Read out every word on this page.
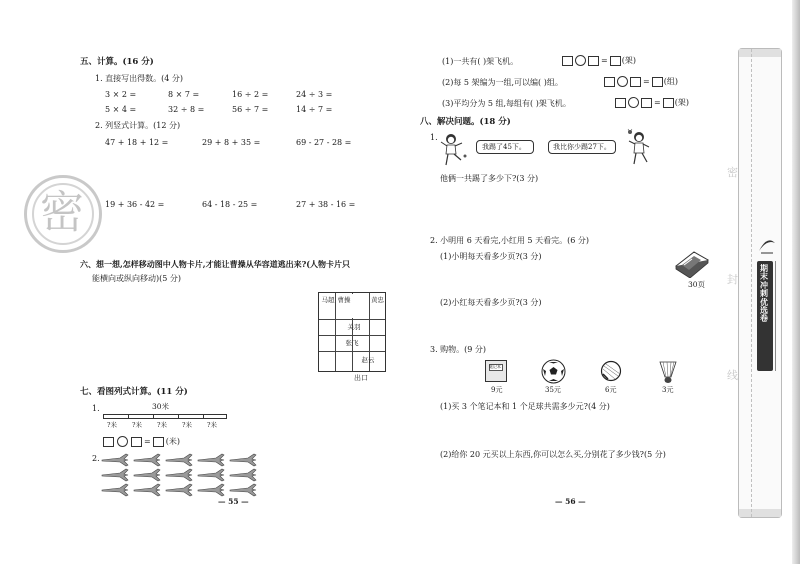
五、计算。(16 分)
1. 直接写出得数。(4 分)
3 × 2 =	8 × 7 =	16 ÷ 2 =	24 ÷ 3 =
5 × 4 =	32 ÷ 8 =	56 ÷ 7 =	14 ÷ 7 =
2. 列竖式计算。(12 分)
47 + 18 + 12 =	29 + 8 + 35 =	69 - 27 - 28 =
19 + 36 - 42 =	64 - 18 - 25 =	27 + 38 - 16 =
密
六、想一想,怎样移动图中人物卡片,才能让曹操从华容道逃出来?(人物卡片只
能横向或纵向移动)(5 分)
马超 曹操	黄忠
关羽
张飞
赵云
出口
七、看图列式计算。(11 分)
1.	30米
?米 ?米 ?米 ?米 ?米
= (米)
2.
— 55 —
(1)一共有( )架飞机。	= (架)
(2)每 5 架编为一组,可以编( )组。	= (组)
(3)平均分为 5 组,每组有( )架飞机。	= (架)
八、解决问题。(18 分)
1.
我踢了45下。	我比你少踢27下。
他俩一共踢了多少下?(3 分)
2. 小明用 6 天看完,小红用 5 天看完。(6 分)
(1)小明每天看多少页?(3 分)
30页
(2)小红每天看多少页?(3 分)
3. 购物。(9 分)
笔记本
9元	35元	6元	3元
(1)买 3 个笔记本和 1 个足球共需多少元?(4 分)
(2)给你 20 元买以上东西,你可以怎么买,分别花了多少钱?(5 分)
— 56 —
密
封
线
期末冲刺优选卷
